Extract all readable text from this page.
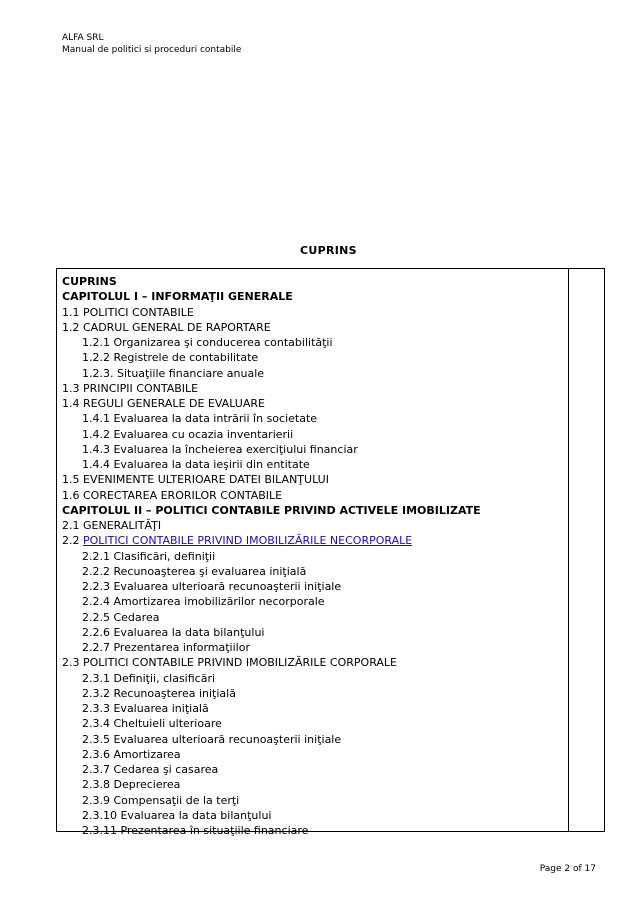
ALFA SRL
Manual de politici si proceduri contabile
CUPRINS
CUPRINS
CAPITOLUL I – INFORMAŢII GENERALE
1.1 POLITICI CONTABILE
1.2 CADRUL GENERAL DE RAPORTARE
1.2.1 Organizarea şi conducerea contabilităţii
1.2.2 Registrele de contabilitate
1.2.3. Situaţiile financiare anuale
1.3 PRINCIPII CONTABILE
1.4 REGULI GENERALE DE EVALUARE
1.4.1 Evaluarea la data intrării în societate
1.4.2 Evaluarea cu ocazia inventarierii
1.4.3 Evaluarea la încheierea exerciţiului financiar
1.4.4 Evaluarea la data ieşirii din entitate
1.5 EVENIMENTE ULTERIOARE DATEI BILANŢULUI
1.6 CORECTAREA ERORILOR CONTABILE
CAPITOLUL II – POLITICI CONTABILE PRIVIND ACTIVELE IMOBILIZATE
2.1 GENERALITĂŢI
2.2 POLITICI CONTABILE PRIVIND IMOBILIZĂRILE NECORPORALE
2.2.1 Clasificări, definiţii
2.2.2 Recunoaşterea şi evaluarea iniţială
2.2.3 Evaluarea ulterioară recunoaşterii iniţiale
2.2.4 Amortizarea imobilizărilor necorporale
2.2.5 Cedarea
2.2.6 Evaluarea la data bilanţului
2.2.7 Prezentarea informaţiilor
2.3 POLITICI CONTABILE PRIVIND IMOBILIZĂRILE CORPORALE
2.3.1 Definiţii, clasificări
2.3.2 Recunoaşterea iniţială
2.3.3 Evaluarea iniţială
2.3.4 Cheltuieli ulterioare
2.3.5 Evaluarea ulterioară recunoaşterii iniţiale
2.3.6 Amortizarea
2.3.7 Cedarea şi casarea
2.3.8 Deprecierea
2.3.9 Compensaţii de la terţi
2.3.10 Evaluarea la data bilanţului
2.3.11 Prezentarea în situaţiile financiare
Page 2 of 17
